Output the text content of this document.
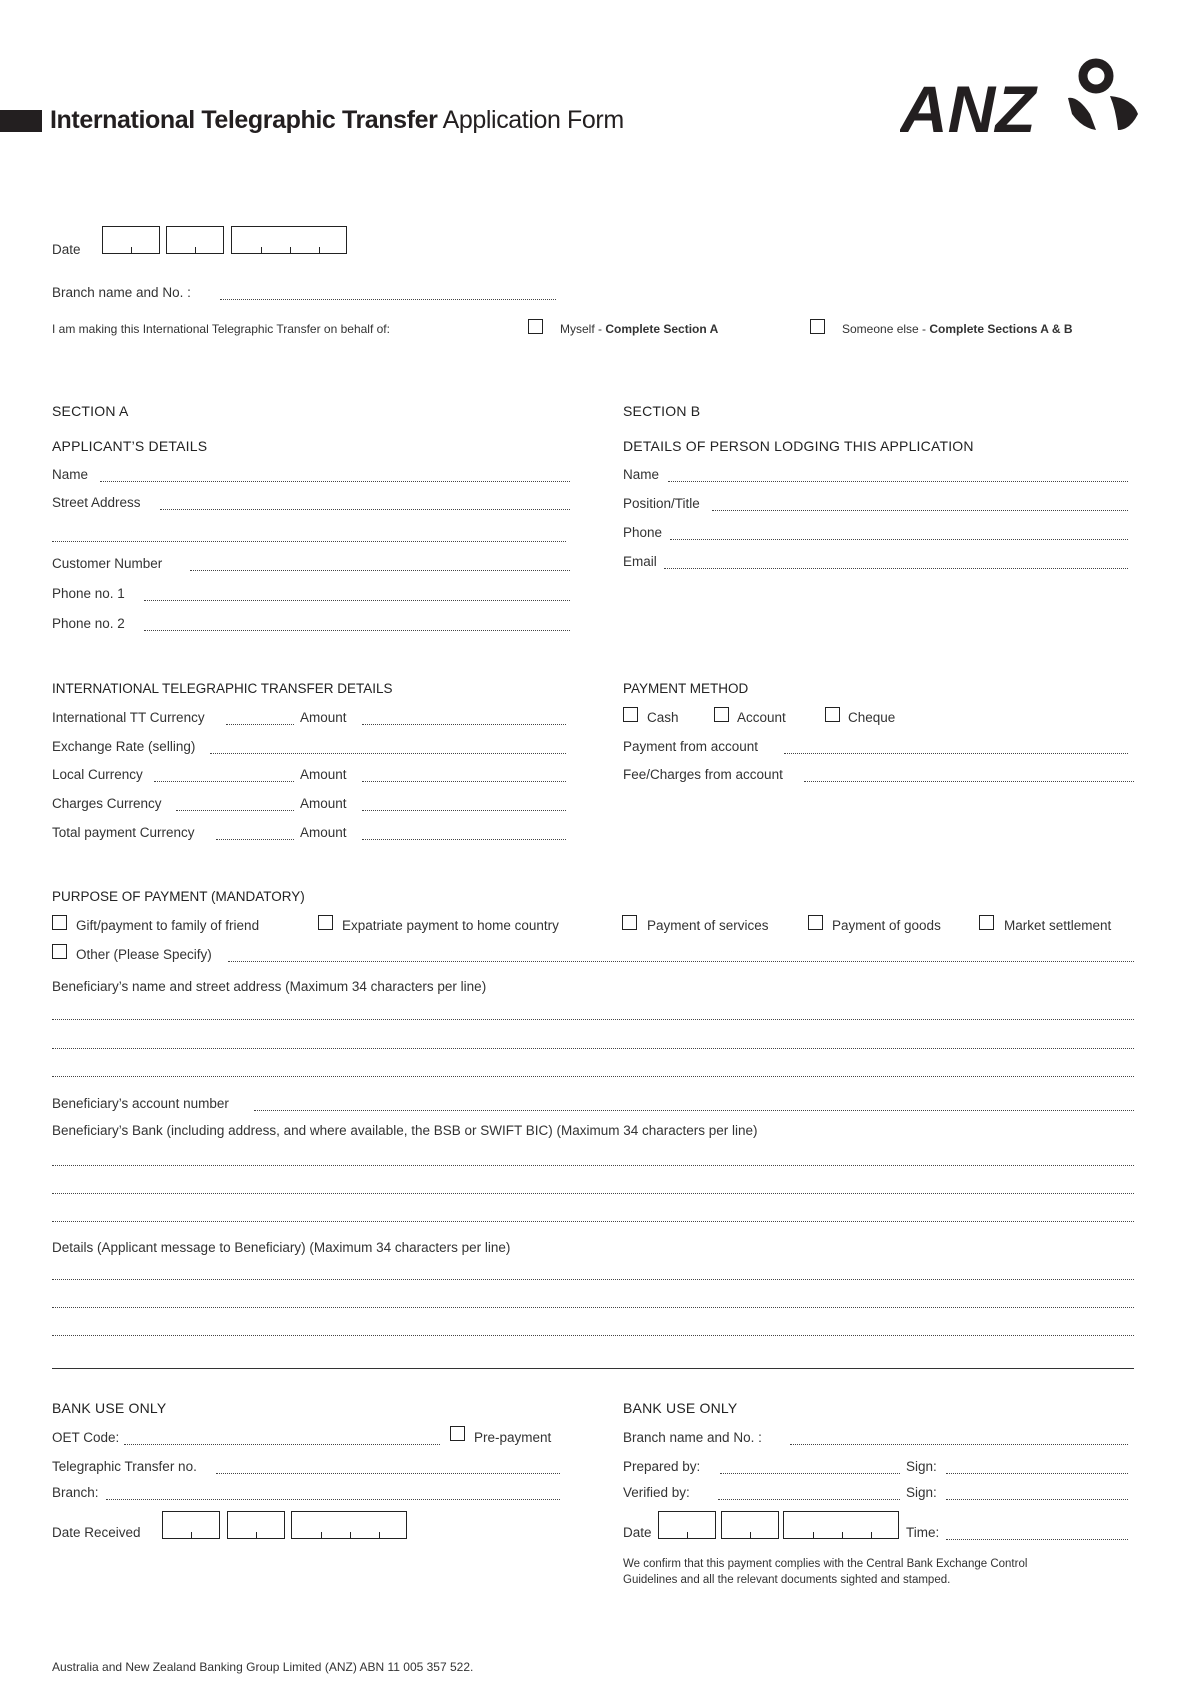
International Telegraphic Transfer Application Form	ANZ
Date
Branch name and No. :
I am making this International Telegraphic Transfer on behalf of:	Myself - Complete Section A	Someone else - Complete Sections A & B
SECTION A
APPLICANT’S DETAILS
Name
Street Address
Customer Number
Phone no. 1
Phone no. 2
SECTION B
DETAILS OF PERSON LODGING THIS APPLICATION
Name
Position/Title
Phone
Email
INTERNATIONAL TELEGRAPHIC TRANSFER DETAILS
International TT Currency	Amount
Exchange Rate (selling)
Local Currency	Amount
Charges Currency	Amount
Total payment Currency	Amount
PAYMENT METHOD
Cash	Account	Cheque
Payment from account
Fee/Charges from account
PURPOSE OF PAYMENT (MANDATORY)
Gift/payment to family of friend	Expatriate payment to home country	Payment of services	Payment of goods	Market settlement
Other (Please Specify)
Beneficiary’s name and street address (Maximum 34 characters per line)
Beneficiary’s account number
Beneficiary’s Bank (including address, and where available, the BSB or SWIFT BIC) (Maximum 34 characters per line)
Details (Applicant message to Beneficiary) (Maximum 34 characters per line)
BANK USE ONLY
OET Code:	Pre-payment
Telegraphic Transfer no.
Branch:
Date Received
BANK USE ONLY
Branch name and No. :
Prepared by:	Sign:
Verified by:	Sign:
Date	Time:
We confirm that this payment complies with the Central Bank Exchange Control
Guidelines and all the relevant documents sighted and stamped.
Australia and New Zealand Banking Group Limited (ANZ) ABN 11 005 357 522.
